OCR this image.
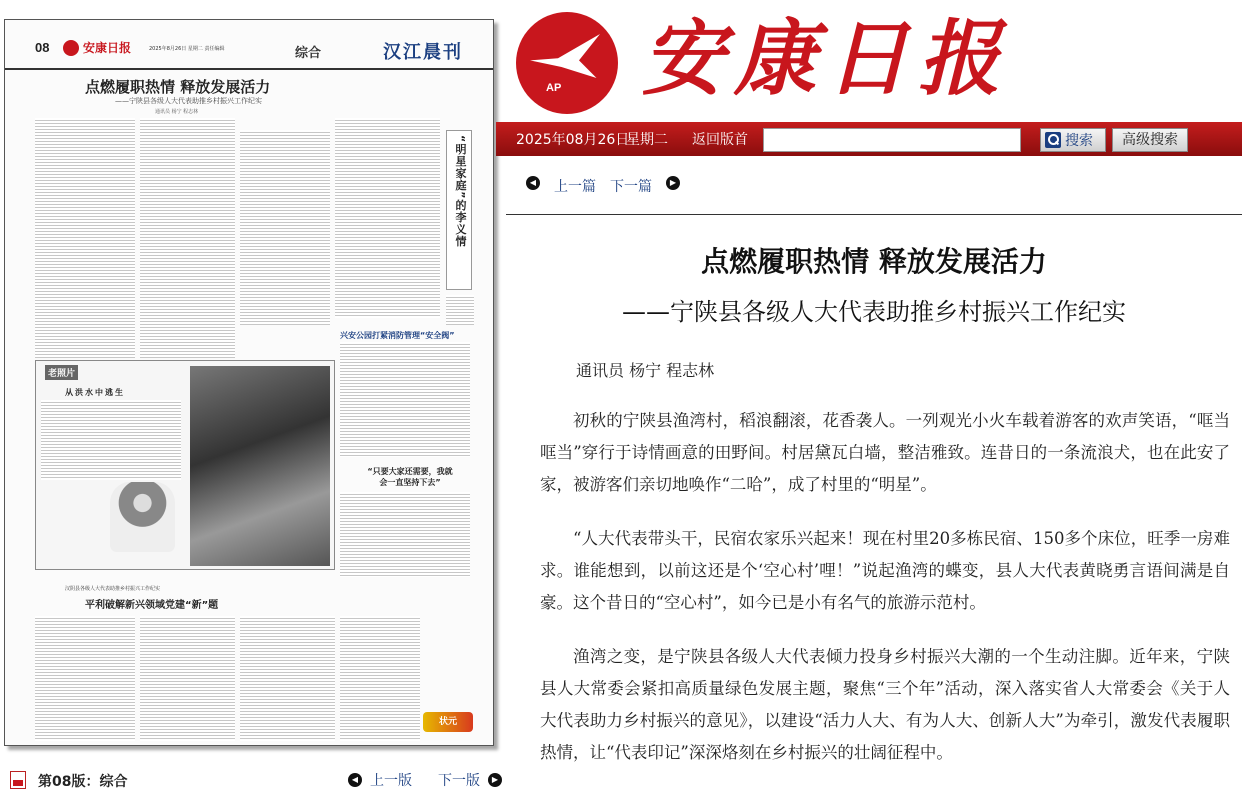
08	安康日报	2025年8月26日 星期二 责任编辑	综合	汉江晨刊
点燃履职热情 释放发展活力
——宁陕县各级人大代表助推乡村振兴工作纪实
通讯员 杨宁 程志林
“明星家庭”的李义情
兴安公园打紧消防管理“安全阀”
老照片
从洪水中逃生
“只要大家还需要，我就会一直坚持下去”
汉阴县各级人大代表助推乡村振兴工作纪实
平利破解新兴领域党建“新”题
状元
第08版：综合	◀ 上一版 下一版	▶
AP 安康日报
2025年08月26日
星期二 返回版首	搜索	高级搜索
◀ 上一篇 下一篇	▶
点燃履职热情 释放发展活力
——宁陕县各级人大代表助推乡村振兴工作纪实
通讯员 杨宁 程志林

初秋的宁陕县渔湾村，稻浪翻滚，花香袭人。一列观光小火车载着游客的欢声笑语，“哐当哐当”穿行于诗情画意的田野间。村居黛瓦白墙，整洁雅致。连昔日的一条流浪犬，也在此安了家，被游客们亲切地唤作“二哈”，成了村里的“明星”。

“人大代表带头干，民宿农家乐兴起来！现在村里20多栋民宿、150多个床位，旺季一房难求。谁能想到，以前这还是个‘空心村’哩！”说起渔湾的蝶变，县人大代表黄晓勇言语间满是自豪。这个昔日的“空心村”，如今已是小有名气的旅游示范村。

渔湾之变，是宁陕县各级人大代表倾力投身乡村振兴大潮的一个生动注脚。近年来，宁陕县人大常委会紧扣高质量绿色发展主题，聚焦“三个年”活动，深入落实省人大常委会《关于人大代表助力乡村振兴的意见》，以建设“活力人大、有为人大、创新人大”为牵引，激发代表履职热情，让“代表印记”深深烙刻在乡村振兴的壮阔征程中。
